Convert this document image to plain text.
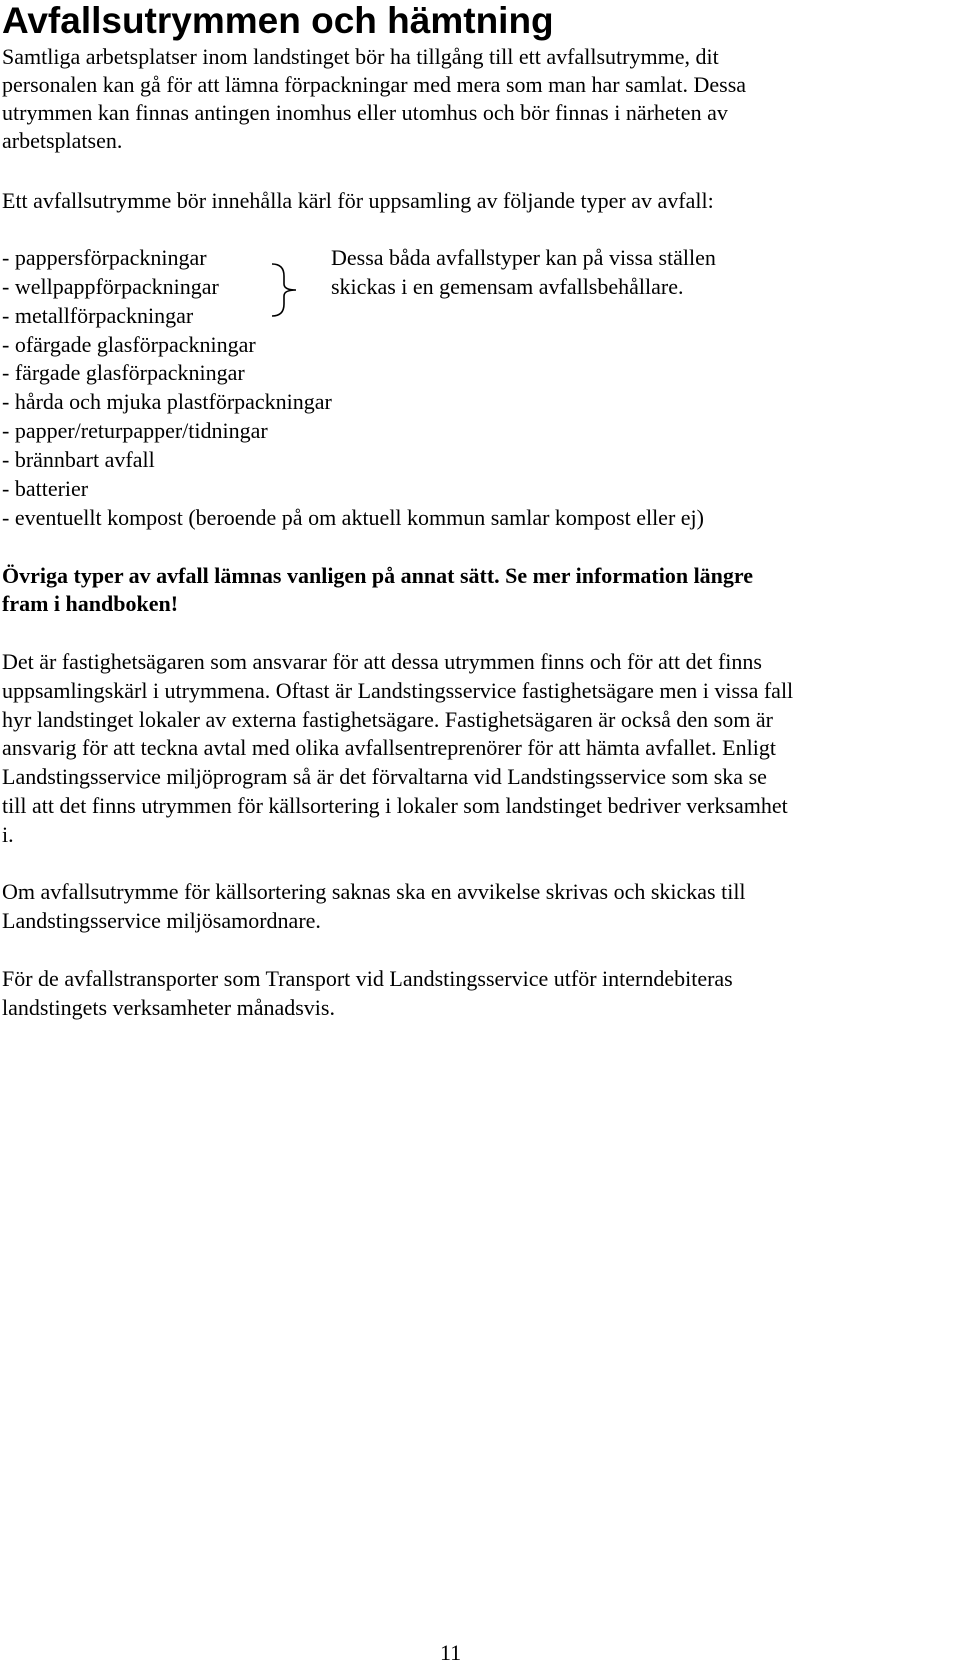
Avfallsutrymmen och hämtning

Samtliga arbetsplatser inom landstinget bör ha tillgång till ett avfallsutrymme, dit

personalen kan gå för att lämna förpackningar med mera som man har samlat. Dessa

utrymmen kan finnas antingen inomhus eller utomhus och bör finnas i närheten av

arbetsplatsen.

Ett avfallsutrymme bör innehålla kärl för uppsamling av följande typer av avfall:

- pappersförpackningar

- wellpappförpackningar

- metallförpackningar

- ofärgade glasförpackningar

- färgade glasförpackningar

- hårda och mjuka plastförpackningar

- papper/returpapper/tidningar

- brännbart avfall

- batterier

- eventuellt kompost (beroende på om aktuell kommun samlar kompost eller ej)

Dessa båda avfallstyper kan på vissa ställen

skickas i en gemensam avfallsbehållare.

Övriga typer av avfall lämnas vanligen på annat sätt. Se mer information längre

fram i handboken!

Det är fastighetsägaren som ansvarar för att dessa utrymmen finns och för att det finns

uppsamlingskärl i utrymmena. Oftast är Landstingsservice fastighetsägare men i vissa fall

hyr landstinget lokaler av externa fastighetsägare. Fastighetsägaren är också den som är

ansvarig för att teckna avtal med olika avfallsentreprenörer för att hämta avfallet. Enligt

Landstingsservice miljöprogram så är det förvaltarna vid Landstingsservice som ska se

till att det finns utrymmen för källsortering i lokaler som landstinget bedriver verksamhet

i.

Om avfallsutrymme för källsortering saknas ska en avvikelse skrivas och skickas till

Landstingsservice miljösamordnare.

För de avfallstransporter som Transport vid Landstingsservice utför interndebiteras

landstingets verksamheter månadsvis.

11
